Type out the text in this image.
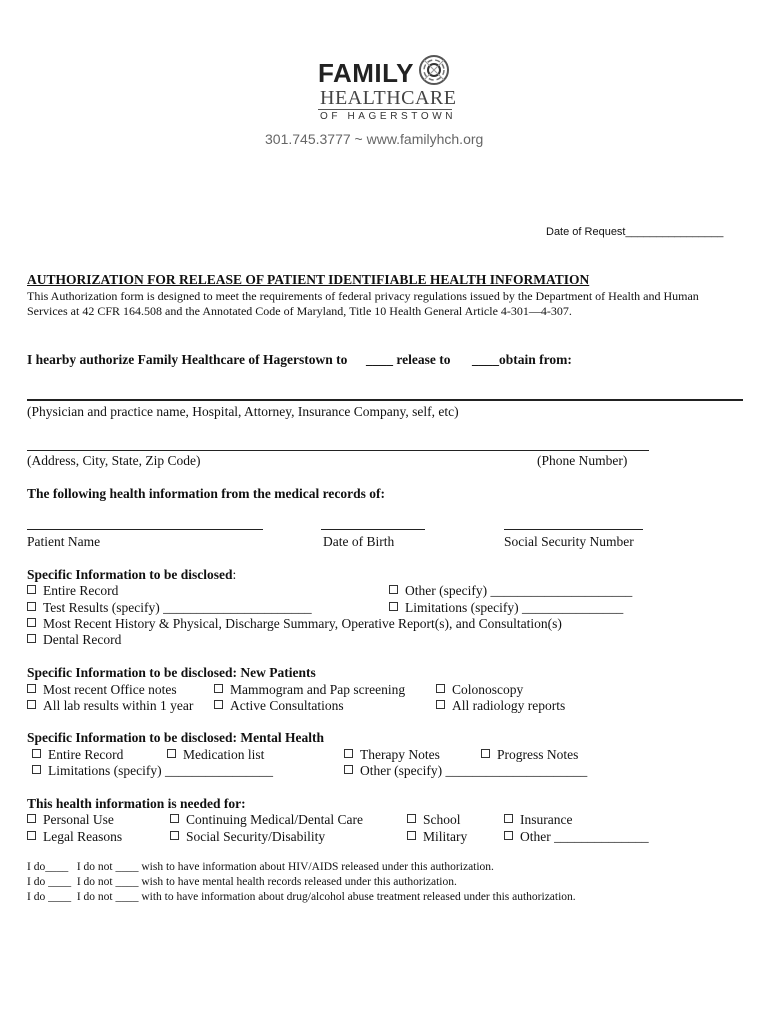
FAMILY
HEALTHCARE
OF HAGERSTOWN
301.745.3777 ~ www.familyhch.org
Date of Request________________
AUTHORIZATION FOR RELEASE OF PATIENT IDENTIFIABLE HEALTH INFORMATION
This Authorization form is designed to meet the requirements of federal privacy regulations issued by the Department of Health and Human
Services at 42 CFR 164.508 and the Annotated Code of Maryland, Title 10 Health General Article 4-301—4-307.
I hearby authorize Family Healthcare of Hagerstown to ____ release to ____obtain from:
(Physician and practice name, Hospital, Attorney, Insurance Company, self, etc)
(Address, City, State, Zip Code)	(Phone Number)
The following health information from the medical records of:
Patient Name	Date of Birth	Social Security Number
Specific Information to be disclosed:
Entire Record
Test Results (specify) ______________________
Most Recent History & Physical, Discharge Summary, Operative Report(s), and Consultation(s)
Dental Record
Other (specify) _____________________
Limitations (specify) _______________
Specific Information to be disclosed: New Patients
Most recent Office notes
All lab results within 1 year
Mammogram and Pap screening
Active Consultations
Colonoscopy
All radiology reports
Specific Information to be disclosed: Mental Health
Entire Record
Limitations (specify) ________________
Medication list	Therapy Notes
Other (specify) _____________________
Progress Notes
This health information is needed for:
Personal Use
Legal Reasons
Continuing Medical/Dental Care
Social Security/Disability
School
Military
Insurance
Other ______________
I do____   I do not ____ wish to have information about HIV/AIDS released under this authorization.
I do ____  I do not ____ wish to have mental health records released under this authorization.
I do ____  I do not ____ with to have information about drug/alcohol abuse treatment released under this authorization.
